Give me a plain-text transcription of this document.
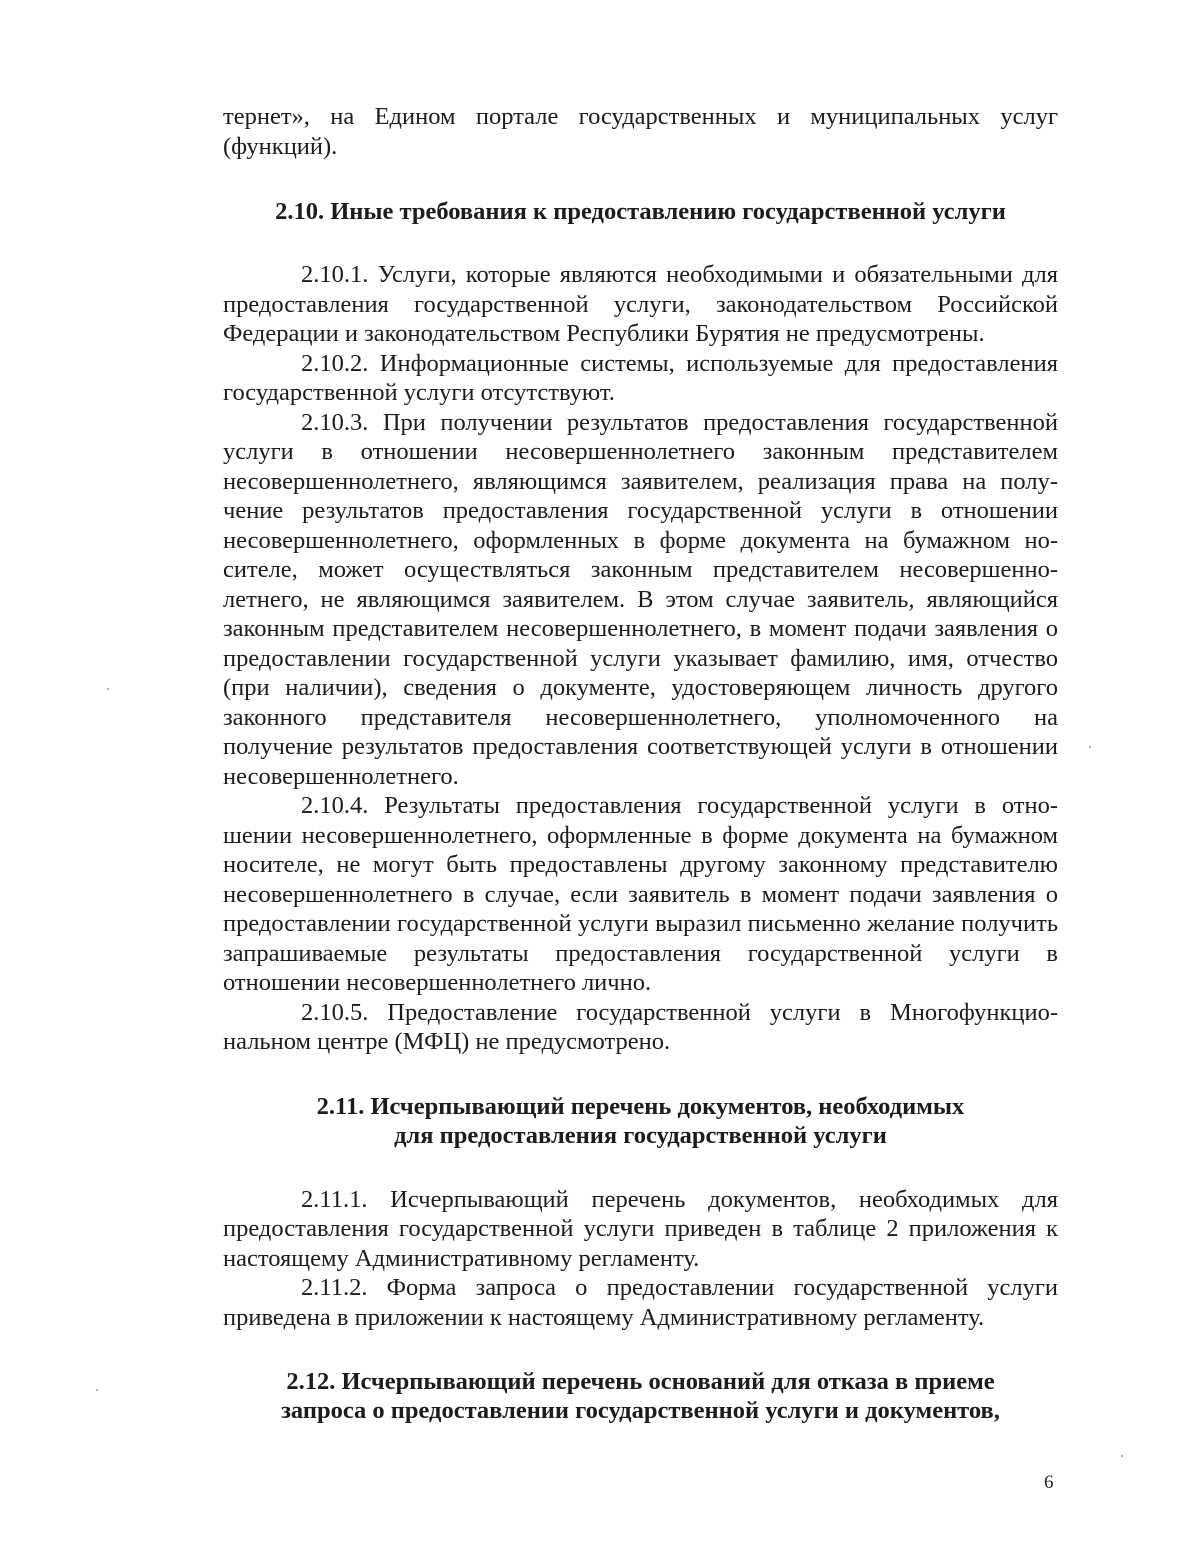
тернет», на Едином портале государственных и муниципальных услуг (функций).

2.10. Иные требования к предоставлению государственной услуги

2.10.1. Услуги, которые являются необходимыми и обязательными для предоставления государственной услуги, законодательством Российской Федерации и законодательством Республики Бурятия не предусмотрены.

2.10.2. Информационные системы, используемые для предоставления государственной услуги отсутствуют.

2.10.3. При получении результатов предоставления государственной услуги в отношении несовершеннолетнего законным представителем несовершеннолетнего, являющимся заявителем, реализация права на получение результатов предоставления государственной услуги в отношении несовершеннолетнего, оформленных в форме документа на бумажном носителе, может осуществляться законным представителем несовершеннолетнего, не являющимся заявителем. В этом случае заявитель, являющийся законным представителем несовершеннолетнего, в момент подачи заявления о предоставлении государственной услуги указывает фамилию, имя, отчество (при наличии), сведения о документе, удостоверяющем личность другого законного представителя несовершеннолетнего, уполномоченного на получение результатов предоставления соответствующей услуги в отношении несовершеннолетнего.

2.10.4. Результаты предоставления государственной услуги в отношении несовершеннолетнего, оформленные в форме документа на бумажном носителе, не могут быть предоставлены другому законному представителю несовершеннолетнего в случае, если заявитель в момент подачи заявления о предоставлении государственной услуги выразил письменно желание получить запрашиваемые результаты предоставления государственной услуги в отношении несовершеннолетнего лично.

2.10.5. Предоставление государственной услуги в Многофункциональном центре (МФЦ) не предусмотрено.

2.11. Исчерпывающий перечень документов, необходимых
для предоставления государственной услуги

2.11.1. Исчерпывающий перечень документов, необходимых для предоставления государственной услуги приведен в таблице 2 приложения к настоящему Административному регламенту.

2.11.2. Форма запроса о предоставлении государственной услуги приведена в приложении к настоящему Административному регламенту.

2.12. Исчерпывающий перечень оснований для отказа в приеме
запроса о предоставлении государственной услуги и документов,
6
